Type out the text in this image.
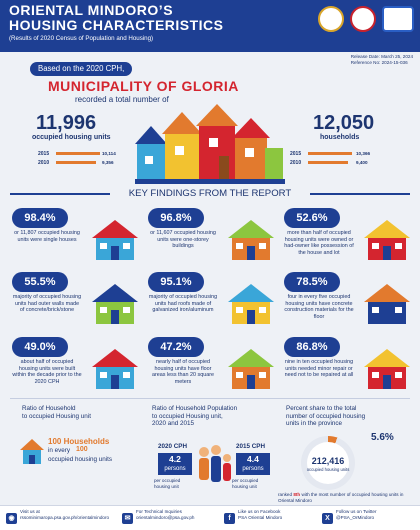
ORIENTAL MINDORO’S
HOUSING CHARACTERISTICS
(Results of 2020 Census of Population and Housing)
Release Date: March 25, 2024
Reference No: 2024-15-036
Based on the 2020 CPH,
MUNICIPALITY OF GLORIA
recorded a total number of
11,996
occupied housing units
12,050
households
2015	10,114
2010	9,356
2015	10,366
2010	9,400
KEY FINDINGS FROM THE REPORT
98.4%
or 11,807 occupied housing units were single houses
96.8%
or 11,607 occupied housing units were one-storey buildings
52.6%
more than half of occupied housing units were owned or had-owner like possession of the house and lot
55.5%
majority of occupied housing units had outer walls made of concrete/brick/stone
95.1%
majority of occupied housing units had roofs made of galvanized iron/aluminum
78.5%
four in every five occupied housing units have concrete construction materials for the floor
49.0%
about half of occupied housing units were built within the decade prior to the 2020 CPH
47.2%
nearly half of occupied housing units have floor areas less than 20 square meters
86.8%
nine in ten occupied housing units needed minor repair or need not to be repaired at all
Ratio of Household
to occupied Housing unit
100 Households
in every 100
occupied housing units
Ratio of Household Population
to occupied Housing unit,
2020 and 2015
2020 CPH
4.2
persons
per occupied housing unit
2015 CPH
4.4
persons
per occupied housing unit
Percent share to the total
number of occupied housing
units in the province
212,416
occupied housing units
5.6%
ranked 8th with the most number of occupied housing units in Oriental Mindoro
◉
Visit us at
rssominimaropa.psa.gov.ph/orientalmindoro	✉
For Technical Inquiries
orientalmindoro@psa.gov.ph	f
Like us on Facebook
PSA Oriental Mindoro	X
Follow us on Twitter
@PSA_OrMindoro
